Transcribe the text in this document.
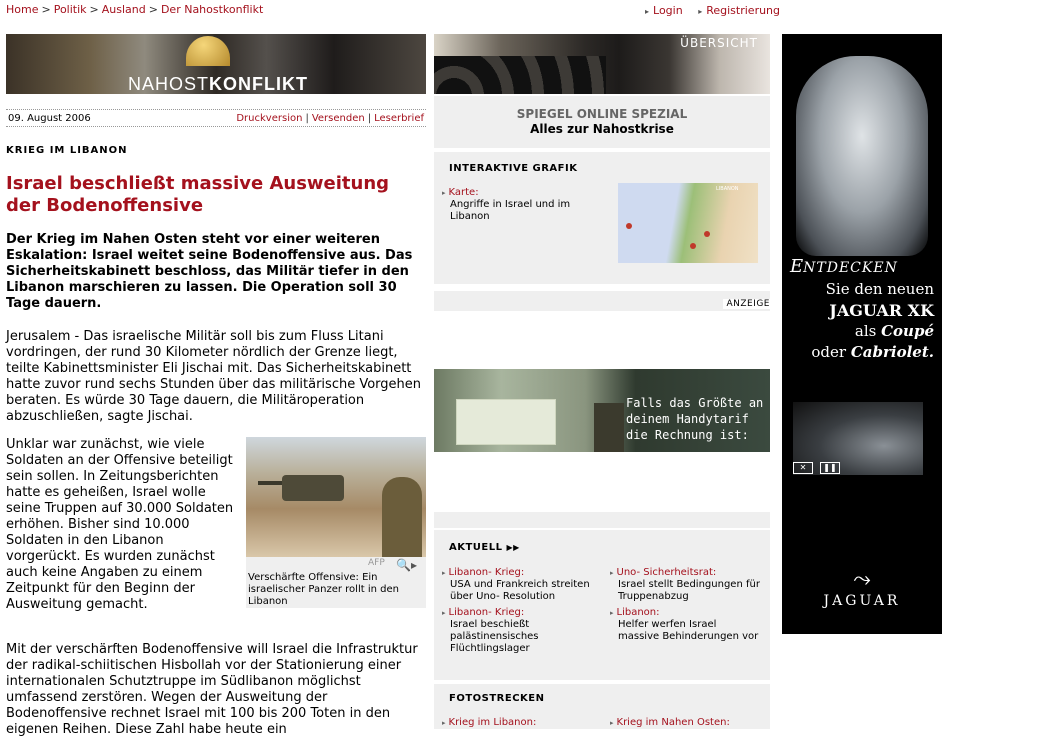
Home > Politik > Ausland > Der Nahostkonflikt	▸ Login ▸ Registrierung
NAHOSTKONFLIKT
09. August 2006	Druckversion | Versenden | Leserbrief
KRIEG IM LIBANON
Israel beschließt massive Ausweitung der Bodenoffensive
Der Krieg im Nahen Osten steht vor einer weiteren Eskalation: Israel weitet seine Bodenoffensive aus. Das Sicherheitskabinett beschloss, das Militär tiefer in den Libanon marschieren zu lassen. Die Operation soll 30 Tage dauern.
Jerusalem - Das israelische Militär soll bis zum Fluss Litani vordringen, der rund 30 Kilometer nördlich der Grenze liegt, teilte Kabinettsminister Eli Jischai mit. Das Sicherheitskabinett hatte zuvor rund sechs Stunden über das militärische Vorgehen beraten. Es würde 30 Tage dauern, die Militäroperation abzuschließen, sagte Jischai.
Unklar war zunächst, wie viele Soldaten an der Offensive beteiligt sein sollen. In Zeitungsberichten hatte es geheißen, Israel wolle seine Truppen auf 30.000 Soldaten erhöhen. Bisher sind 10.000 Soldaten in den Libanon vorgerückt. Es wurden zunächst auch keine Angaben zu einem Zeitpunkt für den Beginn der Ausweitung gemacht.
Mit der verschärften Bodenoffensive will Israel die Infrastruktur der radikal-schiitischen Hisbollah vor der Stationierung einer internationalen Schutztruppe im Südlibanon möglichst umfassend zerstören. Wegen der Ausweitung der Bodenoffensive rechnet Israel mit 100 bis 200 Toten in den eigenen Reihen. Diese Zahl habe heute ein
AFP 🔍▸
Verschärfte Offensive: Ein israelischer Panzer rollt in den Libanon
ÜBERSICHT
SPIEGEL ONLINE SPEZIAL
Alles zur Nahostkrise
INTERAKTIVE GRAFIK
▸ Karte:

Angriffe in Israel und im Libanon
LIBANON
ANZEIGE
Falls das Größte an
deinem Handytarif
die Rechnung ist:
AKTUELL ▶▶
▸ Libanon- Krieg:
USA und Frankreich streiten über Uno- Resolution
▸ Uno- Sicherheitsrat:
Israel stellt Bedingungen für Truppenabzug
▸ Libanon- Krieg:
Israel beschießt palästinensisches Flüchtlingslager
▸ Libanon:
Helfer werfen Israel massive Behinderungen vor
FOTOSTRECKEN
▸ Krieg im Libanon:	▸ Krieg im Nahen Osten:
ENTDECKEN
Sie den neuen
JAGUAR XK
als Coupé
oder Cabriolet.
✕	❚❚
⤳
JAGUAR
